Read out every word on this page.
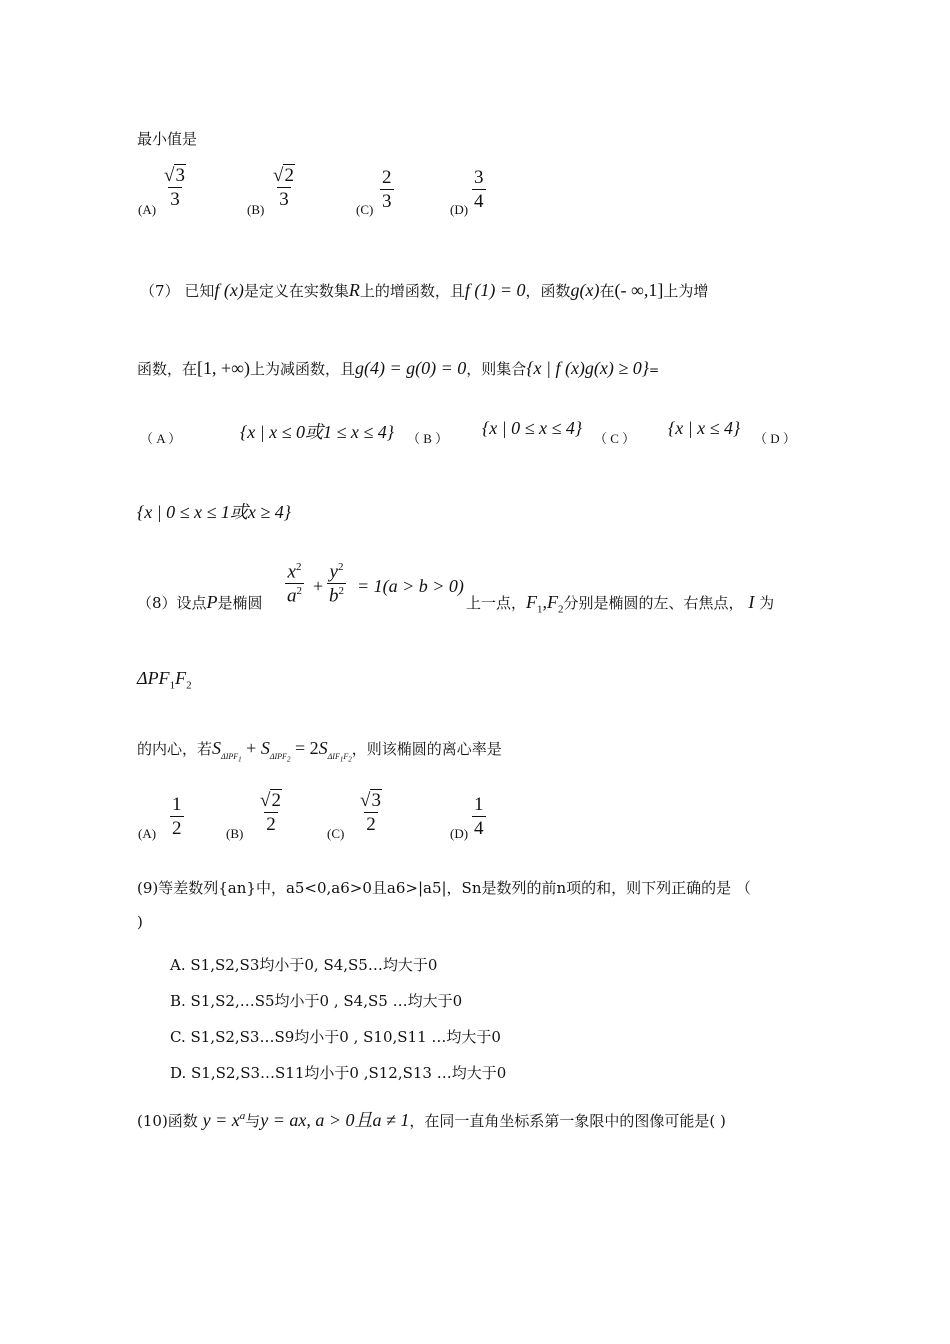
最小值是
(A)
$\frac{√3}{3}$
(B)
$\frac{√2}{3}$
$(C) \frac{2}{3}$	$(D) \frac{3}{4}$
（7） 已知f (x)是定义在实数集R上的增函数，且f (1) = 0，函数g(x)在(- ∞,1]上为增
函数，在[1, +∞)上为减函数，且g(4) = g(0) = 0，则集合{x | f (x)g(x) ≥ 0}=
（ A ）	{x | x ≤ 0或1 ≤ x ≤ 4} （ B ）
{x | 0 ≤ x ≤ 4}
（ C ）
{x | x ≤ 4}
（ D ）
{x | 0 ≤ x ≤ 1或x ≥ 4}
（8）设点P是椭圆 $\frac{x^2}{a^2} + \frac{y^2}{b^2} = 1(a > b > 0)$
上一点，$F_1,F_2$分别是椭圆的左、右焦点， I 为
$\Delta PF_1F_2$
的内心，若$S_{\Delta IPF_1} + S_{\Delta IPF_2} = 2S_{\Delta IF_1F_2}$，则该椭圆的离心率是
$(A) \frac{1}{2}$	$(B) \frac{√2}{2}$	$(C) \frac{√3}{2}$	$(D) \frac{1}{4}$
(9)等差数列{an}中，a5<0,a6>0且a6>|a5|，Sn是数列的前n项的和，则下列正确的是 （
)
A. S1,S2,S3均小于0, S4,S5…均大于0
B. S1,S2,…S5均小于0 , S4,S5 …均大于0
C. S1,S2,S3…S9均小于0 , S10,S11 …均大于0
D. S1,S2,S3…S11均小于0 ,S12,S13 …均大于0
(10)函数 $y = x^a$与y = ax, a > 0且a ≠ 1，在同一直角坐标系第一象限中的图像可能是( )
